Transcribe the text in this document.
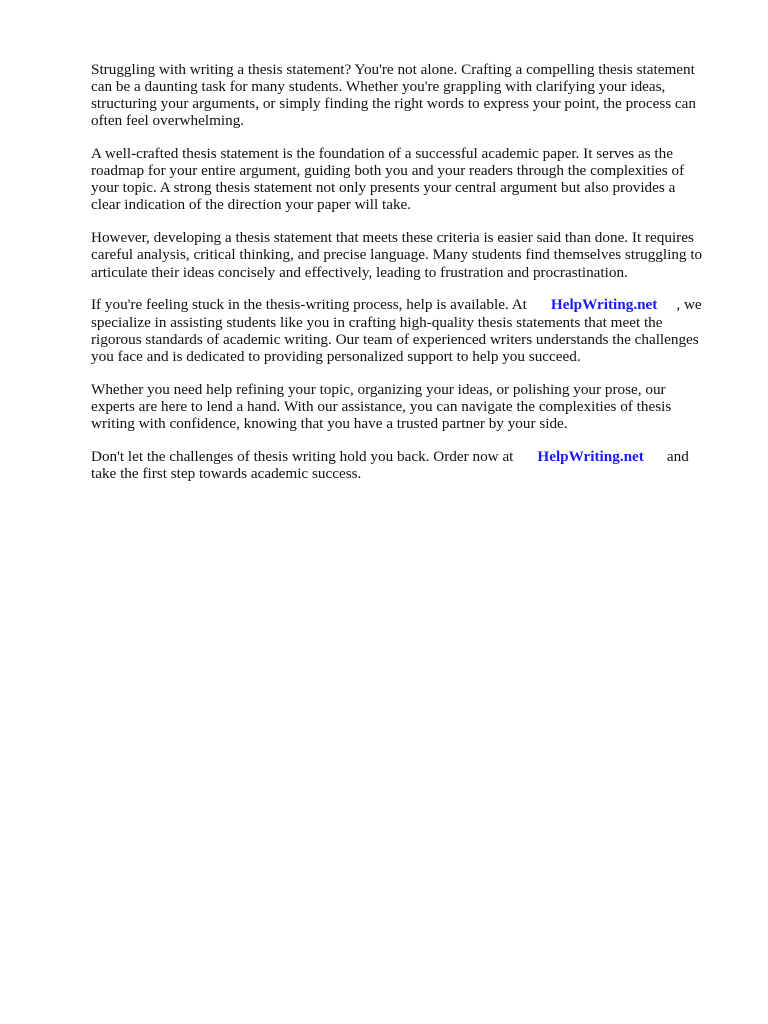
Struggling with writing a thesis statement? You're not alone. Crafting a compelling thesis statement
can be a daunting task for many students. Whether you're grappling with clarifying your ideas,
structuring your arguments, or simply finding the right words to express your point, the process can
often feel overwhelming.

A well-crafted thesis statement is the foundation of a successful academic paper. It serves as the
roadmap for your entire argument, guiding both you and your readers through the complexities of
your topic. A strong thesis statement not only presents your central argument but also provides a
clear indication of the direction your paper will take.

However, developing a thesis statement that meets these criteria is easier said than done. It requires
careful analysis, critical thinking, and precise language. Many students find themselves struggling to
articulate their ideas concisely and effectively, leading to frustration and procrastination.

If you're feeling stuck in the thesis-writing process, help is available. At HelpWriting.net , we
specialize in assisting students like you in crafting high-quality thesis statements that meet the
rigorous standards of academic writing. Our team of experienced writers understands the challenges
you face and is dedicated to providing personalized support to help you succeed.

Whether you need help refining your topic, organizing your ideas, or polishing your prose, our
experts are here to lend a hand. With our assistance, you can navigate the complexities of thesis
writing with confidence, knowing that you have a trusted partner by your side.

Don't let the challenges of thesis writing hold you back. Order now at HelpWriting.net and
take the first step towards academic success.
